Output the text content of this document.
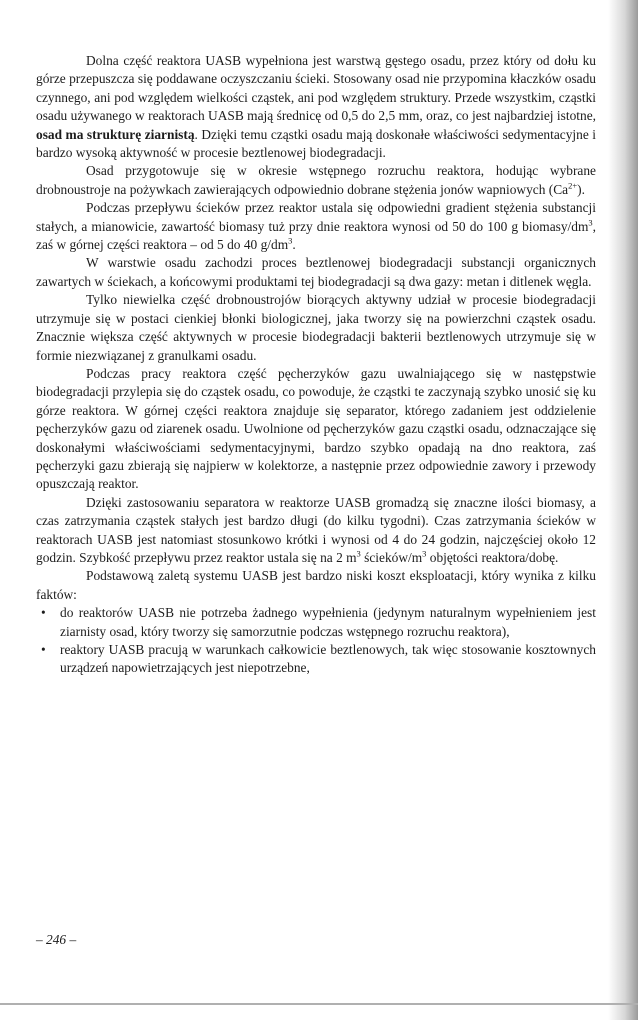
Dolna część reaktora UASB wypełniona jest warstwą gęstego osadu, przez który od dołu ku górze przepuszcza się poddawane oczyszczaniu ścieki. Stosowany osad nie przypomina kłaczków osadu czynnego, ani pod względem wielkości cząstek, ani pod względem struktury. Przede wszystkim, cząstki osadu używanego w reaktorach UASB mają średnicę od 0,5 do 2,5 mm, oraz, co jest najbardziej istotne, osad ma strukturę ziarnistą. Dzięki temu cząstki osadu mają doskonałe właściwości sedymentacyjne i bardzo wysoką aktywność w procesie beztlenowej biodegradacji.

Osad przygotowuje się w okresie wstępnego rozruchu reaktora, hodując wybrane drobnoustroje na pożywkach zawierających odpowiednio dobrane stężenia jonów wapniowych $(Ca^{2+})$.

Podczas przepływu ścieków przez reaktor ustala się odpowiedni gradient stężenia substancji stałych, a mianowicie, zawartość biomasy tuż przy dnie reaktora wynosi od 50 do 100 g biomasy/$dm^3$, zaś w górnej części reaktora – od 5 do 40 $g/dm^3$.

W warstwie osadu zachodzi proces beztlenowej biodegradacji substancji organicznych zawartych w ściekach, a końcowymi produktami tej biodegradacji są dwa gazy: metan i ditlenek węgla.

Tylko niewielka część drobnoustrojów biorących aktywny udział w procesie biodegradacji utrzymuje się w postaci cienkiej błonki biologicznej, jaka tworzy się na powierzchni cząstek osadu. Znacznie większa część aktywnych w procesie biodegradacji bakterii beztlenowych utrzymuje się w formie niezwiązanej z granulkami osadu.

Podczas pracy reaktora część pęcherzyków gazu uwalniającego się w następstwie biodegradacji przylepia się do cząstek osadu, co powoduje, że cząstki te zaczynają szybko unosić się ku górze reaktora. W górnej części reaktora znajduje się separator, którego zadaniem jest oddzielenie pęcherzyków gazu od ziarenek osadu. Uwolnione od pęcherzyków gazu cząstki osadu, odznaczające się doskonałymi właściwościami sedymentacyjnymi, bardzo szybko opadają na dno reaktora, zaś pęcherzyki gazu zbierają się najpierw w kolektorze, a następnie przez odpowiednie zawory i przewody opuszczają reaktor.

Dzięki zastosowaniu separatora w reaktorze UASB gromadzą się znaczne ilości biomasy, a czas zatrzymania cząstek stałych jest bardzo długi (do kilku tygodni). Czas zatrzymania ścieków w reaktorach UASB jest natomiast stosunkowo krótki i wynosi od 4 do 24 godzin, najczęściej około 12 godzin. Szybkość przepływu przez reaktor ustala się na 2 $m^3$ ścieków/$m^3$ objętości reaktora/dobę.

Podstawową zaletą systemu UASB jest bardzo niski koszt eksploatacji, który wynika z kilku faktów:

• do reaktorów UASB nie potrzeba żadnego wypełnienia (jedynym naturalnym wypełnieniem jest ziarnisty osad, który tworzy się samorzutnie podczas wstępnego rozruchu reaktora),
• reaktory UASB pracują w warunkach całkowicie beztlenowych, tak więc stosowanie kosztownych urządzeń napowietrzających jest niepotrzebne,
– 246 –
